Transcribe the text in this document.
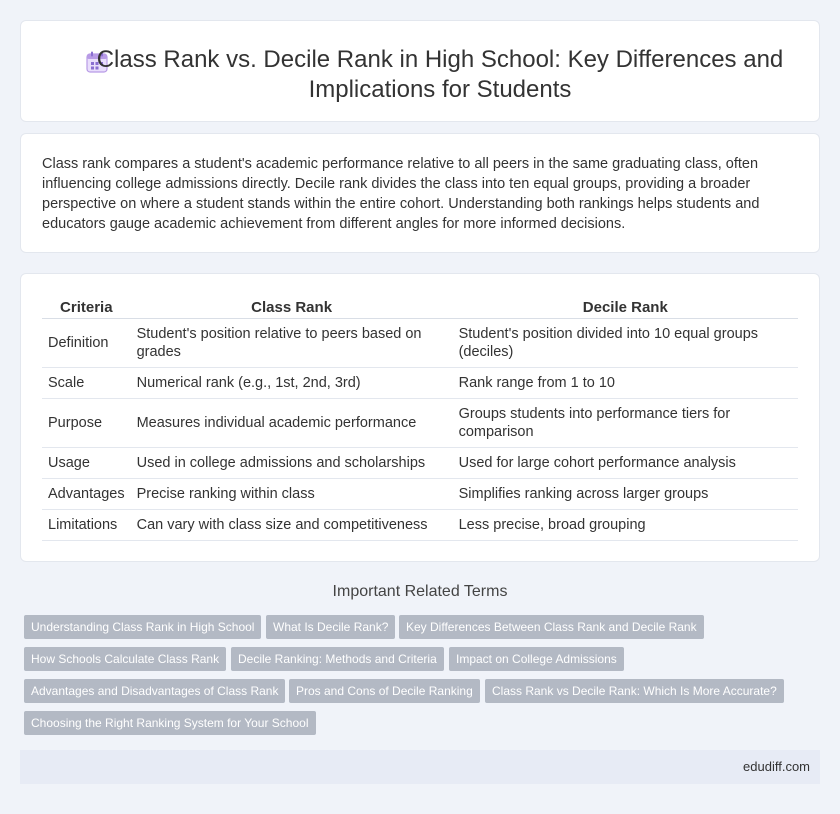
Class Rank vs. Decile Rank in High School: Key Differences and Implications for Students

Class rank compares a student's academic performance relative to all peers in the same graduating class, often influencing college admissions directly. Decile rank divides the class into ten equal groups, providing a broader perspective on where a student stands within the entire cohort. Understanding both rankings helps students and educators gauge academic achievement from different angles for more informed decisions.

Criteria	Class Rank	Decile Rank
Definition	Student's position relative to peers based on grades	Student's position divided into 10 equal groups (deciles)
Scale	Numerical rank (e.g., 1st, 2nd, 3rd)	Rank range from 1 to 10
Purpose	Measures individual academic performance	Groups students into performance tiers for comparison
Usage	Used in college admissions and scholarships	Used for large cohort performance analysis
Advantages	Precise ranking within class	Simplifies ranking across larger groups
Limitations	Can vary with class size and competitiveness	Less precise, broad grouping
Important Related Terms
Understanding Class Rank in High School	What Is Decile Rank?	Key Differences Between Class Rank and Decile Rank
How Schools Calculate Class Rank	Decile Ranking: Methods and Criteria	Impact on College Admissions
Advantages and Disadvantages of Class Rank	Pros and Cons of Decile Ranking	Class Rank vs Decile Rank: Which Is More Accurate?
Choosing the Right Ranking System for Your School
edudiff.com
